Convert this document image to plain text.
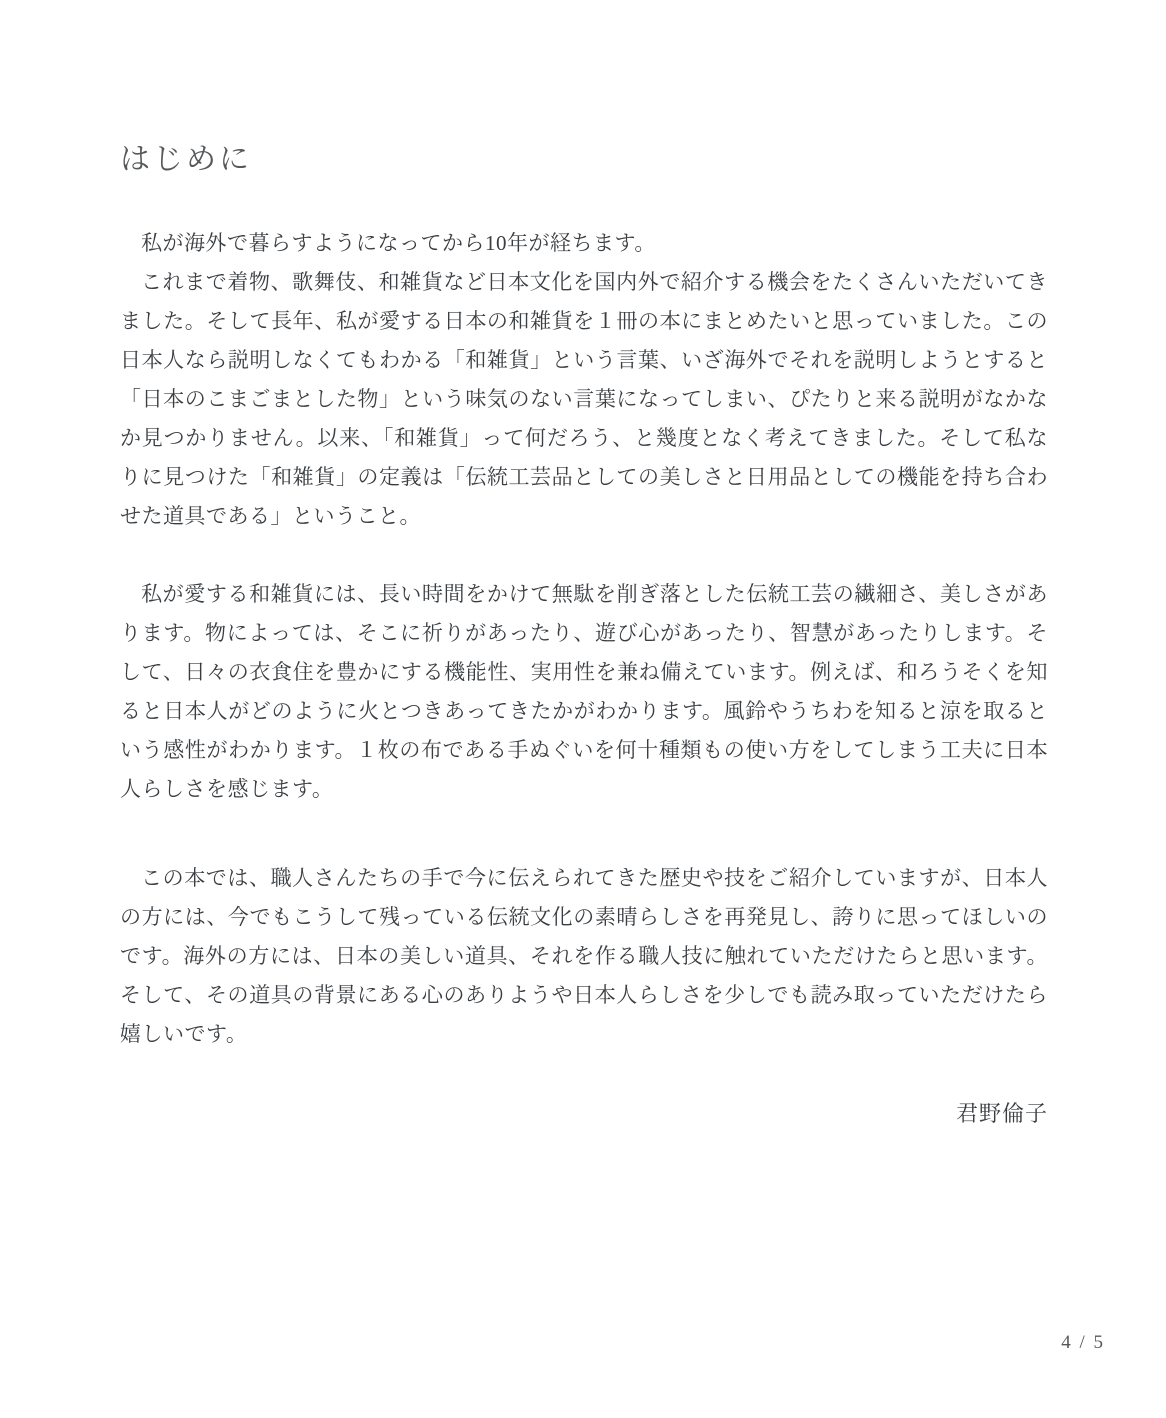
はじめに

私が海外で暮らすようになってから10年が経ちます。

これまで着物、歌舞伎、和雑貨など日本文化を国内外で紹介する機会をたくさんいただいてきました。そして長年、私が愛する日本の和雑貨を１冊の本にまとめたいと思っていました。この日本人なら説明しなくてもわかる「和雑貨」という言葉、いざ海外でそれを説明しようとすると「日本のこまごまとした物」という味気のない言葉になってしまい、ぴたりと来る説明がなかなか見つかりません。以来、「和雑貨」って何だろう、と幾度となく考えてきました。そして私なりに見つけた「和雑貨」の定義は「伝統工芸品としての美しさと日用品としての機能を持ち合わせた道具である」ということ。

私が愛する和雑貨には、長い時間をかけて無駄を削ぎ落とした伝統工芸の繊細さ、美しさがあります。物によっては、そこに祈りがあったり、遊び心があったり、智慧があったりします。そして、日々の衣食住を豊かにする機能性、実用性を兼ね備えています。例えば、和ろうそくを知ると日本人がどのように火とつきあってきたかがわかります。風鈴やうちわを知ると涼を取るという感性がわかります。１枚の布である手ぬぐいを何十種類もの使い方をしてしまう工夫に日本人らしさを感じます。

この本では、職人さんたちの手で今に伝えられてきた歴史や技をご紹介していますが、日本人の方には、今でもこうして残っている伝統文化の素晴らしさを再発見し、誇りに思ってほしいのです。海外の方には、日本の美しい道具、それを作る職人技に触れていただけたらと思います。そして、その道具の背景にある心のありようや日本人らしさを少しでも読み取っていただけたら嬉しいです。

君野倫子
4 / 5
